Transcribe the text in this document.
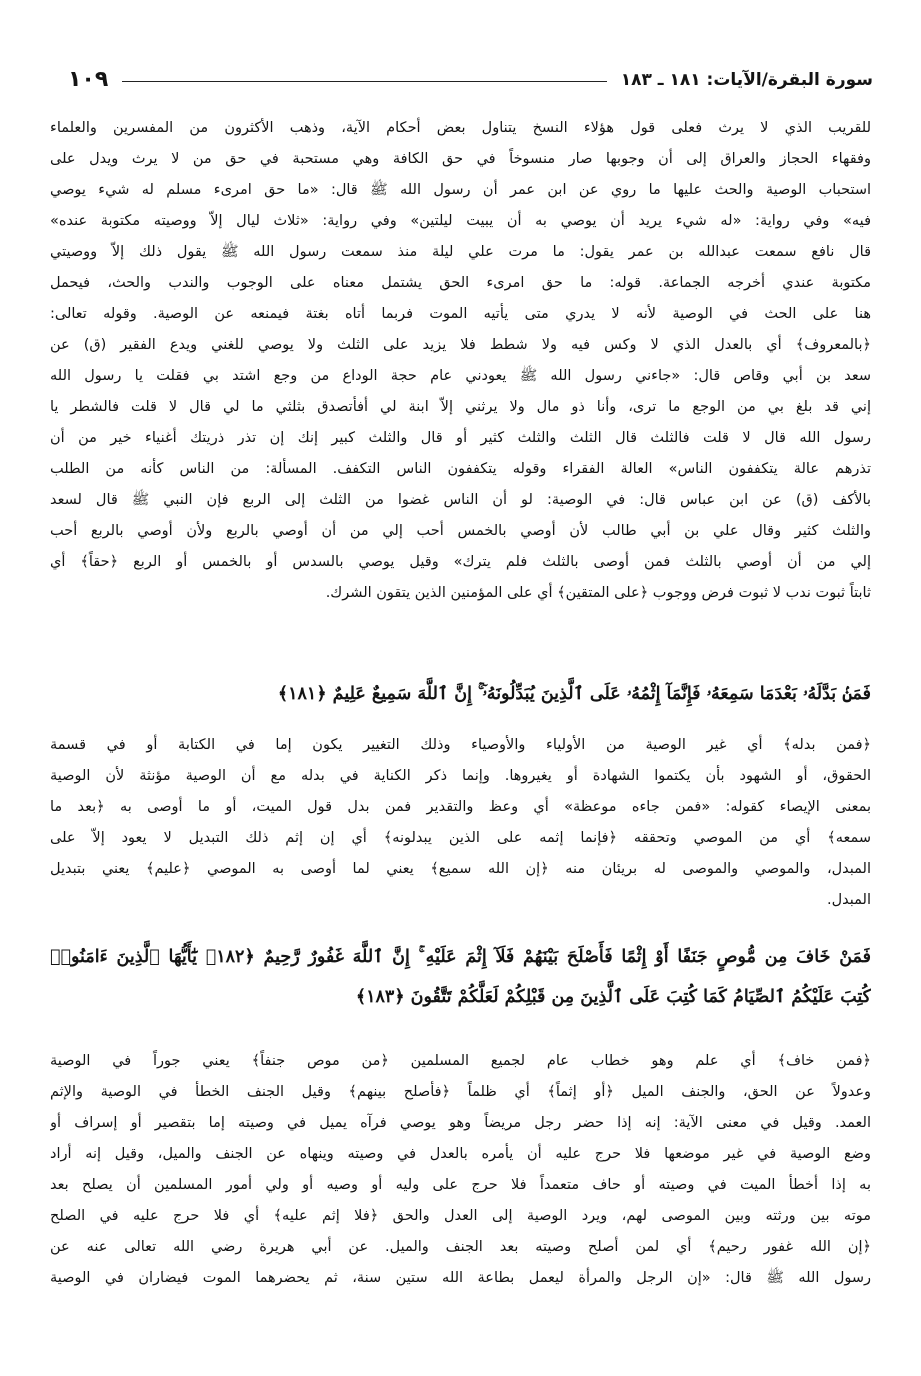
سورة البقرة/الآيات: ١٨١ ـ ١٨٣
١٠٩
للقريب الذي لا يرث فعلى قول هؤلاء النسخ يتناول بعض أحكام الآية، وذهب الأكثرون من المفسرين والعلماء
وفقهاء الحجاز والعراق إلى أن وجوبها صار منسوخاً في حق الكافة وهي مستحبة في حق من لا يرث ويدل على
استحباب الوصية والحث عليها ما روي عن ابن عمر أن رسول الله ﷺ قال: «ما حق امرىء مسلم له شيء يوصي
فيه» وفي رواية: «له شيء يريد أن يوصي به أن يبيت ليلتين» وفي رواية: «ثلاث ليال إلاّ ووصيته مكتوبة عنده»
قال نافع سمعت عبدالله بن عمر يقول: ما مرت علي ليلة منذ سمعت رسول الله ﷺ يقول ذلك إلاّ ووصيتي
مكتوبة عندي أخرجه الجماعة. قوله: ما حق امرىء الحق يشتمل معناه على الوجوب والندب والحث، فيحمل
هنا على الحث في الوصية لأنه لا يدري متى يأتيه الموت فربما أتاه بغتة فيمنعه عن الوصية. وقوله تعالى:
﴿بالمعروف﴾ أي بالعدل الذي لا وكس فيه ولا شطط فلا يزيد على الثلث ولا يوصي للغني ويدع الفقير (ق) عن
سعد بن أبي وقاص قال: «جاءني رسول الله ﷺ يعودني عام حجة الوداع من وجع اشتد بي فقلت يا رسول الله
إني قد بلغ بي من الوجع ما ترى، وأنا ذو مال ولا يرثني إلاّ ابنة لي أفأتصدق بثلثي ما لي قال لا قلت فالشطر يا
رسول الله قال لا قلت فالثلث قال الثلث والثلث كثير أو قال والثلث كبير إنك إن تذر ذريتك أغنياء خير من أن
تذرهم عالة يتكففون الناس» العالة الفقراء وقوله يتكففون الناس التكفف. المسألة: من الناس كأنه من الطلب
بالأكف (ق) عن ابن عباس قال: في الوصية: لو أن الناس غضوا من الثلث إلى الربع فإن النبي ﷺ قال لسعد
والثلث كثير وقال علي بن أبي طالب لأن أوصي بالخمس أحب إلي من أن أوصي بالربع ولأن أوصي بالربع أحب
إلي من أن أوصي بالثلث فمن أوصى بالثلث فلم يترك» وقيل يوصي بالسدس أو بالخمس أو الربع ﴿حقاً﴾ أي
ثابتاً ثبوت ندب لا ثبوت فرض ووجوب ﴿على المتقين﴾ أي على المؤمنين الذين يتقون الشرك.
فَمَنۢ بَدَّلَهُۥ بَعْدَمَا سَمِعَهُۥ فَإِنَّمَآ إِثْمُهُۥ عَلَى ٱلَّذِينَ يُبَدِّلُونَهُۥٓ ۚ إِنَّ ٱللَّهَ سَمِيعٌ عَلِيمٌ ﴿١٨١﴾
﴿فمن بدله﴾ أي غير الوصية من الأولياء والأوصياء وذلك التغيير يكون إما في الكتابة أو في قسمة
الحقوق، أو الشهود بأن يكتموا الشهادة أو يغيروها. وإنما ذكر الكناية في بدله مع أن الوصية مؤنثة لأن الوصية
بمعنى الإيصاء كقوله: «فمن جاءه موعظة» أي وعظ والتقدير فمن بدل قول الميت، أو ما أوصى به ﴿بعد ما
سمعه﴾ أي من الموصي وتحققه ﴿فإنما إثمه على الذين يبدلونه﴾ أي إن إثم ذلك التبديل لا يعود إلاّ على
المبدل، والموصي والموصى له بريئان منه ﴿إن الله سميع﴾ يعني لما أوصى به الموصي ﴿عليم﴾ يعني بتبديل
المبدل.
فَمَنْ خَافَ مِن مُّوصٍ جَنَفًا أَوْ إِثْمًا فَأَصْلَحَ بَيْنَهُمْ فَلَآ إِثْمَ عَلَيْهِ ۚ إِنَّ ٱللَّهَ غَفُورٌ رَّحِيمٌ ﴿١٨٢﴾ يَٰٓأَيُّهَا ٱلَّذِينَ ءَامَنُوا۟
كُتِبَ عَلَيْكُمُ ٱلصِّيَامُ كَمَا كُتِبَ عَلَى ٱلَّذِينَ مِن قَبْلِكُمْ لَعَلَّكُمْ تَتَّقُونَ ﴿١٨٣﴾
﴿فمن خاف﴾ أي علم وهو خطاب عام لجميع المسلمين ﴿من موص جنفاً﴾ يعني جوراً في الوصية
وعدولاً عن الحق، والجنف الميل ﴿أو إثماً﴾ أي ظلماً ﴿فأصلح بينهم﴾ وقيل الجنف الخطأ في الوصية والإثم
العمد. وقيل في معنى الآية: إنه إذا حضر رجل مريضاً وهو يوصي فرآه يميل في وصيته إما بتقصير أو إسراف أو
وضع الوصية في غير موضعها فلا حرج عليه أن يأمره بالعدل في وصيته وينهاه عن الجنف والميل، وقيل إنه أراد
به إذا أخطأ الميت في وصيته أو حاف متعمداً فلا حرج على وليه أو وصيه أو ولي أمور المسلمين أن يصلح بعد
موته بين ورثته وبين الموصى لهم، ويرد الوصية إلى العدل والحق ﴿فلا إثم عليه﴾ أي فلا حرج عليه في الصلح
﴿إن الله غفور رحيم﴾ أي لمن أصلح وصيته بعد الجنف والميل. عن أبي هريرة رضي الله تعالى عنه عن
رسول الله ﷺ قال: «إن الرجل والمرأة ليعمل بطاعة الله ستين سنة، ثم يحضرهما الموت فيضاران في الوصية
